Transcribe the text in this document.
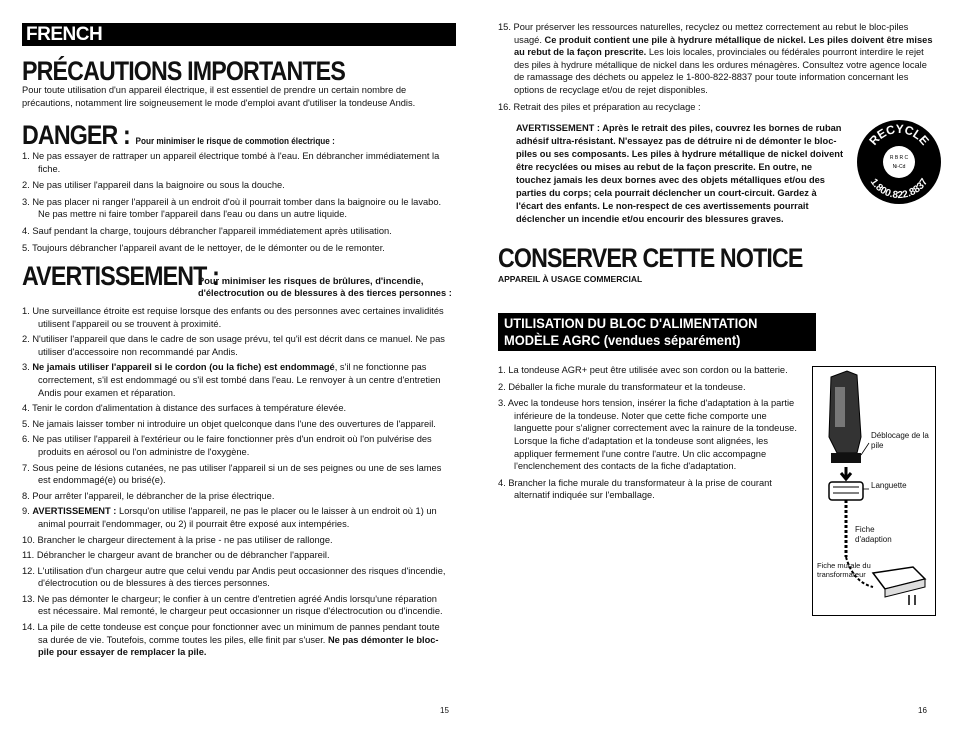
FRENCH
PRÉCAUTIONS IMPORTANTES
Pour toute utilisation d'un appareil électrique, il est essentiel de prendre un certain nombre de précautions, notamment lire soigneusement le mode d'emploi avant d'utiliser la tondeuse Andis.
DANGER : Pour minimiser le risque de commotion électrique :
1. Ne pas essayer de rattraper un appareil électrique tombé à l'eau. En débrancher immédiatement la fiche.
2. Ne pas utiliser l'appareil dans la baignoire ou sous la douche.
3. Ne pas placer ni ranger l'appareil à un endroit d'où il pourrait tomber dans la baignoire ou le lavabo. Ne pas mettre ni faire tomber l'appareil dans l'eau ou dans un autre liquide.
4. Sauf pendant la charge, toujours débrancher l'appareil immédiatement après utilisation.
5. Toujours débrancher l'appareil avant de le nettoyer, de le démonter ou de le remonter.
AVERTISSEMENT :
Pour minimiser les risques de brûlures, d'incendie, d'électrocution ou de blessures à des tierces personnes :
1. Une surveillance étroite est requise lorsque des enfants ou des personnes avec certaines invalidités utilisent l'appareil ou se trouvent à proximité.
2. N'utiliser l'appareil que dans le cadre de son usage prévu, tel qu'il est décrit dans ce manuel. Ne pas utiliser d'accessoire non recommandé par Andis.
3. Ne jamais utiliser l'appareil si le cordon (ou la fiche) est endommagé, s'il ne fonctionne pas correctement, s'il est endommagé ou s'il est tombé dans l'eau. Le renvoyer à un centre d'entretien Andis pour examen et réparation.
4. Tenir le cordon d'alimentation à distance des surfaces à température élevée.
5. Ne jamais laisser tomber ni introduire un objet quelconque dans l'une des ouvertures de l'appareil.
6. Ne pas utiliser l'appareil à l'extérieur ou le faire fonctionner près d'un endroit où l'on pulvérise des produits en aérosol ou l'on administre de l'oxygène.
7. Sous peine de lésions cutanées, ne pas utiliser l'appareil si un de ses peignes ou une de ses lames est endommagé(e) ou brisé(e).
8. Pour arrêter l'appareil, le débrancher de la prise électrique.
9. AVERTISSEMENT : Lorsqu'on utilise l'appareil, ne pas le placer ou le laisser à un endroit où 1) un animal pourrait l'endommager, ou 2) il pourrait être exposé aux intempéries.
10. Brancher le chargeur directement à la prise - ne pas utiliser de rallonge.
11. Débrancher le chargeur avant de brancher ou de débrancher l'appareil.
12. L'utilisation d'un chargeur autre que celui vendu par Andis peut occasionner des risques d'incendie, d'électrocution ou de blessures à des tierces personnes.
13. Ne pas démonter le chargeur; le confier à un centre d'entretien agréé Andis lorsqu'une réparation est nécessaire. Mal remonté, le chargeur peut occasionner un risque d'électrocution ou d'incendie.
14. La pile de cette tondeuse est conçue pour fonctionner avec un minimum de pannes pendant toute sa durée de vie. Toutefois, comme toutes les piles, elle finit par s'user. Ne pas démonter le bloc-pile pour essayer de remplacer la pile.
15
15. Pour préserver les ressources naturelles, recyclez ou mettez correctement au rebut le bloc-piles usagé. Ce produit contient une pile à hydrure métallique de nickel. Les piles doivent être mises au rebut de la façon prescrite. Les lois locales, provinciales ou fédérales pourront interdire le rejet des piles à hydrure métallique de nickel dans les ordures ménagères. Consultez votre agence locale de ramassage des déchets ou appelez le 1-800-822-8837 pour toute information concernant les options de recyclage et/ou de rejet disponibles.
16. Retrait des piles et préparation au recyclage :
AVERTISSEMENT : Après le retrait des piles, couvrez les bornes de ruban adhésif ultra-résistant. N'essayez pas de détruire ni de démonter le bloc-piles ou ses composants. Les piles à hydrure métallique de nickel doivent être recyclées ou mises au rebut de la façon prescrite. En outre, ne touchez jamais les deux bornes avec des objets métalliques et/ou des parties du corps; cela pourrait déclencher un court-circuit. Gardez à l'écart des enfants. Le non-respect de ces avertissements pourrait déclencher un incendie et/ou encourir des blessures graves.
RECYCLE
1.800.822.8837
R B R C
Ni-Cd
CONSERVER CETTE NOTICE
APPAREIL À USAGE COMMERCIAL
UTILISATION DU BLOC D'ALIMENTATION
MODÈLE AGRC (vendues séparément)
1. La tondeuse AGR+ peut être utilisée avec son cordon ou la batterie.
2. Déballer la fiche murale du transformateur et la tondeuse.
3. Avec la tondeuse hors tension, insérer la fiche d'adaptation à la partie inférieure de la tondeuse. Noter que cette fiche comporte une languette pour s'aligner correctement avec la rainure de la tondeuse. Lorsque la fiche d'adaptation et la tondeuse sont alignées, les appliquer fermement l'une contre l'autre. Un clic accompagne l'enclenchement des contacts de la fiche d'adaptation.
4. Brancher la fiche murale du transformateur à la prise de courant alternatif indiquée sur l'emballage.
Déblocage de la pile
Languette
Fiche d'adaption
Fiche murale du transformateur
16
